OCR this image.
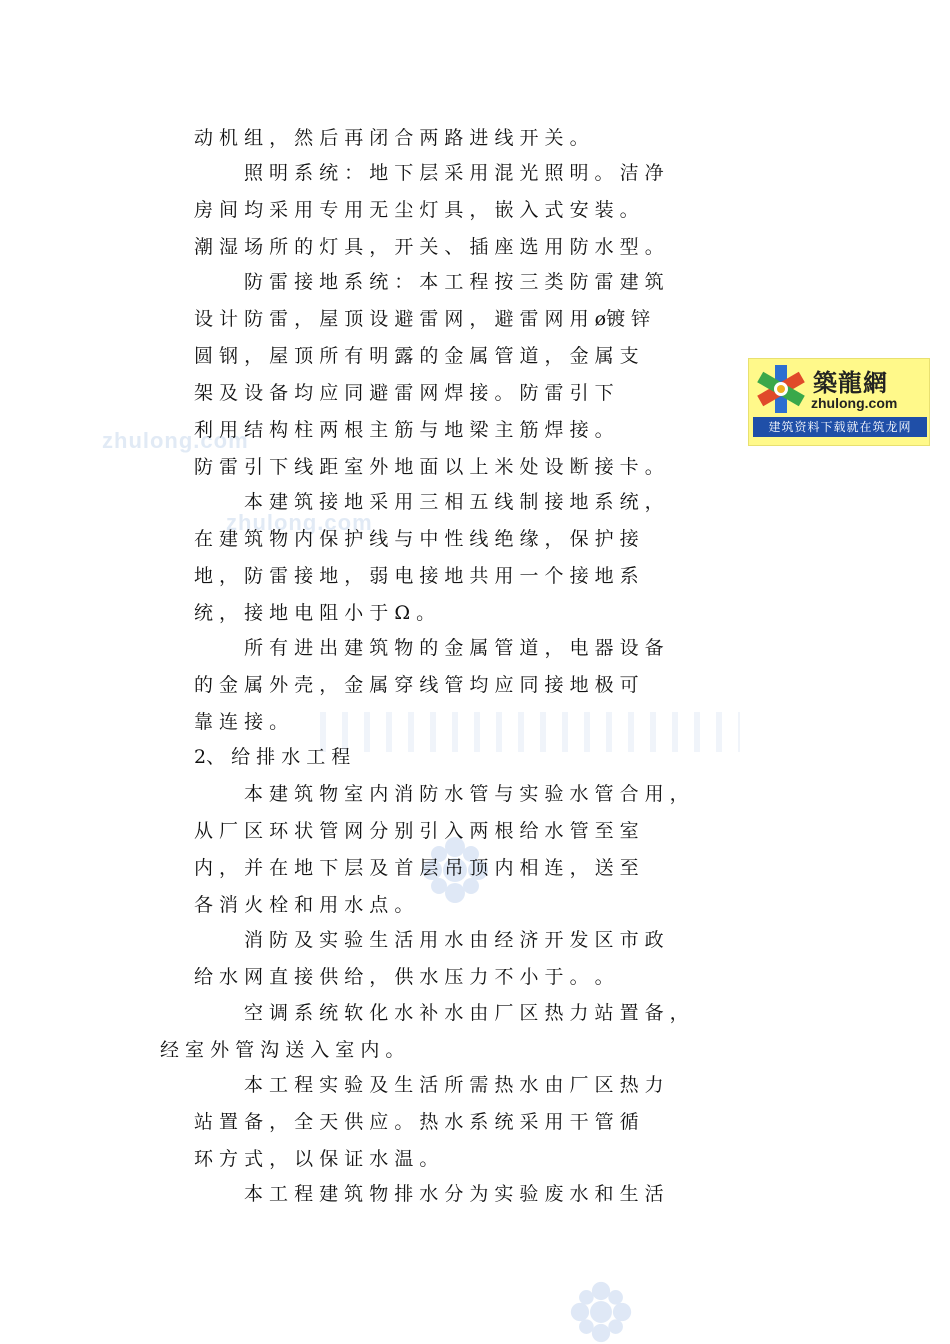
zhulong.com
zhulong.com
动 机 组 ， 然 后 再 闭 合 两 路 进 线 开 关 。
照 明 系 统 ： 地 下 层 采 用 混 光 照 明 。 洁 净
房 间 均 采 用 专 用 无 尘 灯 具 ， 嵌 入 式 安 装 。
潮 湿 场 所 的 灯 具 ， 开 关 、 插 座 选 用 防 水 型 。
防 雷 接 地 系 统 ： 本 工 程 按 三 类 防 雷 建 筑
设 计 防 雷 ， 屋 顶 设 避 雷 网 ， 避 雷 网 用 ø镀 锌
圆 钢 ， 屋 顶 所 有 明 露 的 金 属 管 道 ， 金 属 支
架 及 设 备 均 应 同 避 雷 网 焊 接 。 防 雷 引 下
利 用 结 构 柱 两 根 主 筋 与 地 梁 主 筋 焊 接 。
防 雷 引 下 线 距 室 外 地 面 以 上 米 处 设 断 接 卡 。
本 建 筑 接 地 采 用 三 相 五 线 制 接 地 系 统 ，
在 建 筑 物 内 保 护 线 与 中 性 线 绝 缘 ， 保 护 接
地 ， 防 雷 接 地 ， 弱 电 接 地 共 用 一 个 接 地 系
统 ， 接 地 电 阻 小 于 Ω 。
所 有 进 出 建 筑 物 的 金 属 管 道 ， 电 器 设 备
的 金 属 外 壳 ， 金 属 穿 线 管 均 应 同 接 地 极 可
靠 连 接 。
2、 给 排 水 工 程
本 建 筑 物 室 内 消 防 水 管 与 实 验 水 管 合 用 ，
从 厂 区 环 状 管 网 分 别 引 入 两 根 给 水 管 至 室
内 ， 并 在 地 下 层 及 首 层 吊 顶 内 相 连 ， 送 至
各 消 火 栓 和 用 水 点 。
消 防 及 实 验 生 活 用 水 由 经 济 开 发 区 市 政
给 水 网 直 接 供 给 ， 供 水 压 力 不 小 于 。 。
空 调 系 统 软 化 水 补 水 由 厂 区 热 力 站 置 备 ，
经 室 外 管 沟 送 入 室 内 。
本 工 程 实 验 及 生 活 所 需 热 水 由 厂 区 热 力
站 置 备 ， 全 天 供 应 。 热 水 系 统 采 用 干 管 循
环 方 式 ， 以 保 证 水 温 。
本 工 程 建 筑 物 排 水 分 为 实 验 废 水 和 生 活
築龍網
zhulong.com
建筑资料下载就在筑龙网
